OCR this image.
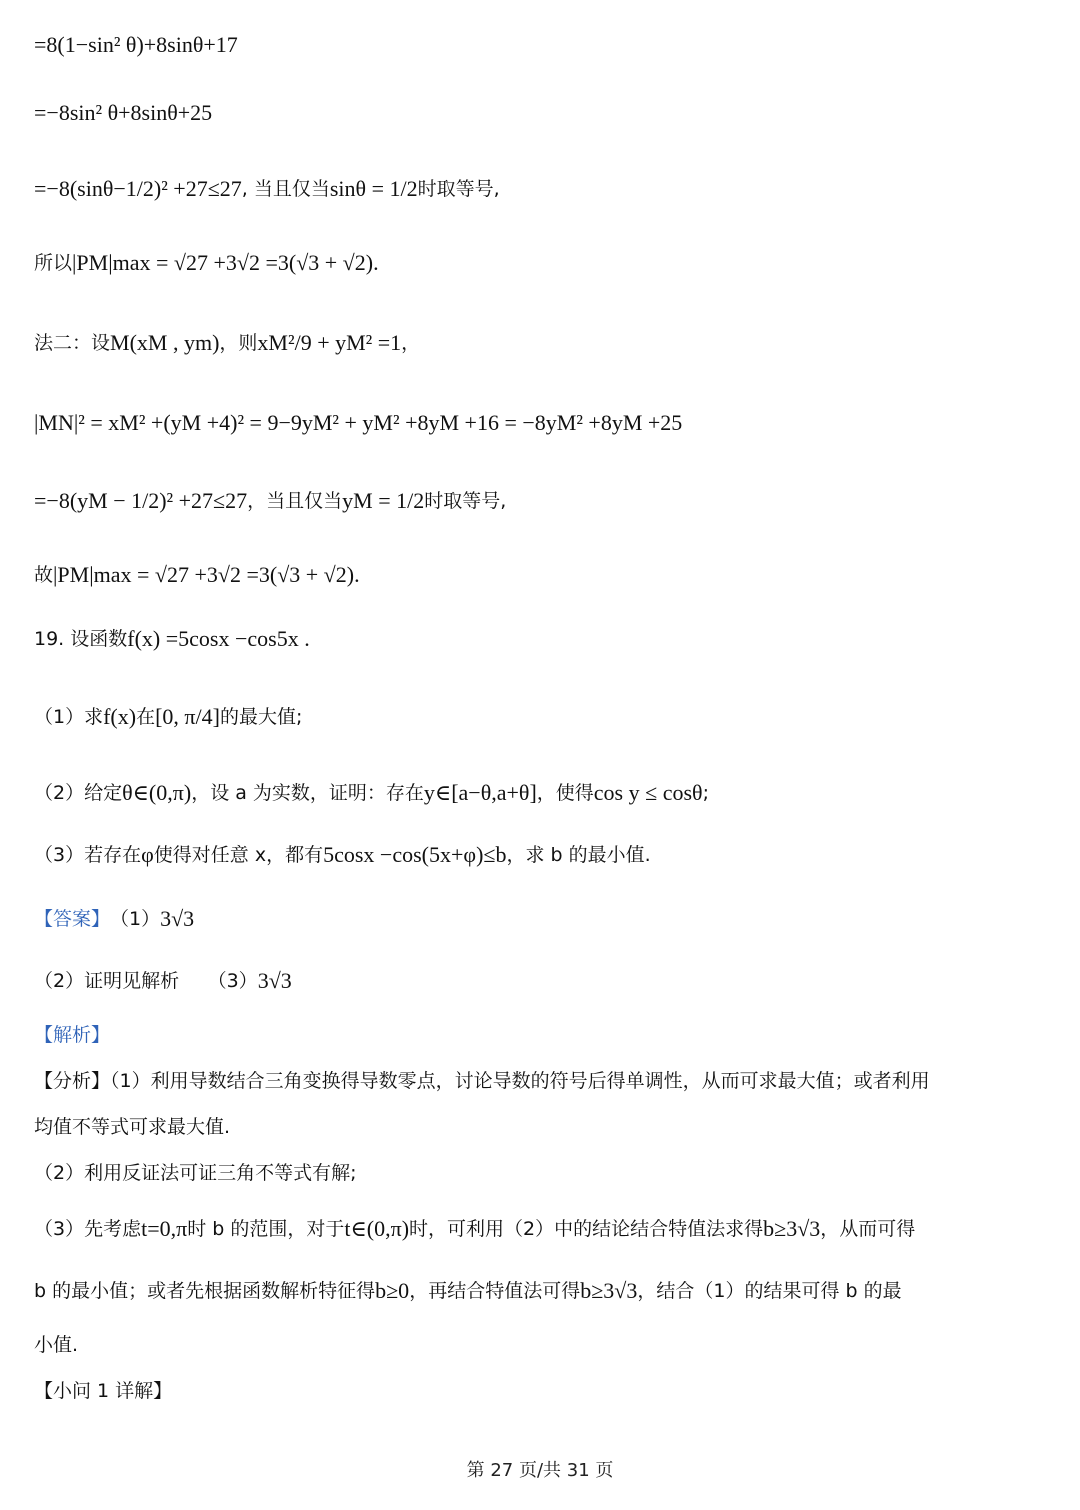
=8(1−sin² θ)+8sinθ+17
=−8sin² θ+8sinθ+25
=−8(sinθ−1/2)² +27≤27 , 当且仅当 sinθ = 1/2 时取等号,
所以 |PM|max = √27 +3√2 =3(√3 + √2).
法二：设 M(xM , ym) ，则 xM²/9 + yM² =1 ，
|MN|² = xM² +(yM +4)² = 9−9yM² + yM² +8yM +16 = −8yM² +8yM +25
=−8(yM − 1/2)² +27≤27 ，当且仅当 yM = 1/2 时取等号,
故 |PM|max = √27 +3√2 =3(√3 + √2).
19. 设函数 f(x) =5cosx −cos5x .
（1）求 f(x) 在 [0, π/4] 的最大值;
（2）给定 θ∈(0,π) ，设 a 为实数，证明：存在 y∈[a−θ,a+θ] ，使得 cos y ≤ cosθ ;
（3）若存在 φ 使得对任意 x，都有 5cosx −cos(5x+φ)≤b ，求 b 的最小值.
【答案】 （1） 3√3
（2）证明见解析　　（3） 3√3
【解析】
【分析】（1）利用导数结合三角变换得导数零点，讨论导数的符号后得单调性，从而可求最大值；或者利用
均值不等式可求最大值.
（2）利用反证法可证三角不等式有解;
（3）先考虑 t=0,π 时 b 的范围，对于 t∈(0,π) 时，可利用（2）中的结论结合特值法求得 b≥3√3 ，从而可得
b 的最小值；或者先根据函数解析特征得 b≥0 ，再结合特值法可得 b≥3√3 ，结合（1）的结果可得 b 的最
小值.
【小问 1 详解】
第 27 页/共 31 页
